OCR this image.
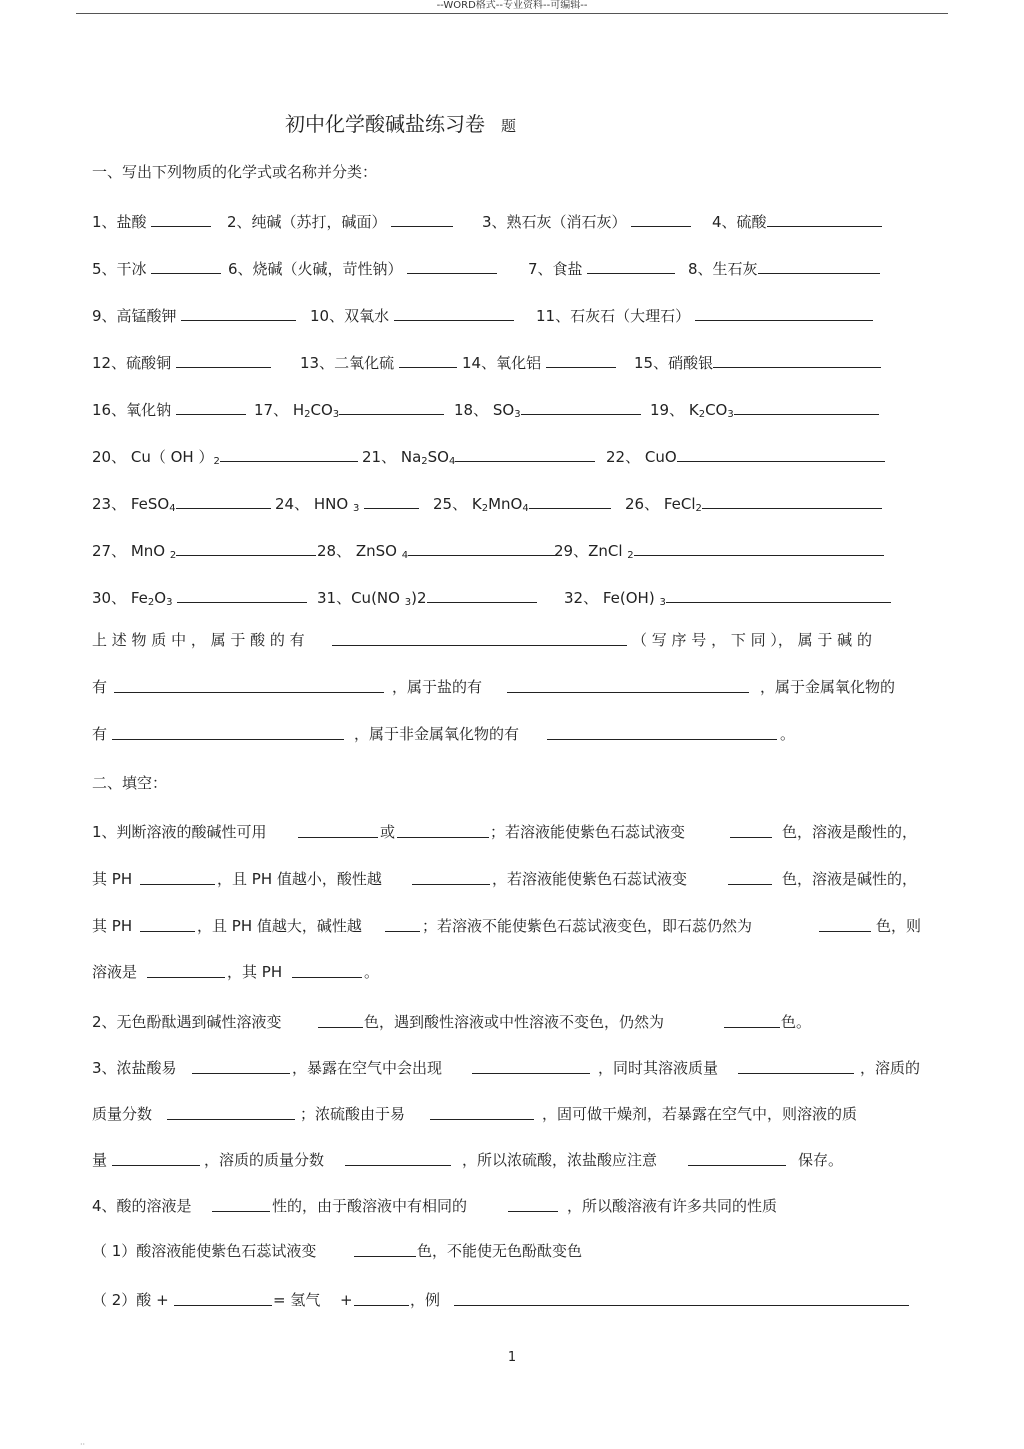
--WORD格式--专业资料--可编辑--
初中化学酸碱盐练习卷 题
一、写出下列物质的化学式或名称并分类：
1、盐酸	2、纯碱（苏打，碱面）	3、熟石灰（消石灰）	4、硫酸
5、干冰	6、烧碱（火碱，苛性钠）	7、食盐	8、生石灰
9、高锰酸钾	10、双氧水	11、石灰石（大理石）
12、硫酸铜	13、二氧化硫	14、氧化铝	15、硝酸银
16、氧化钠	17、 $H_2CO_3$	18、 $SO_3$	19、 $K_2CO_3$
20、 Cu（ OH ）$_2$	21、 $Na_2SO_4$	22、 CuO
23、 FeSO$_4$	24、 HNO $_3$	25、 $K_2MnO_4$	26、 FeCl$_2$
27、 MnO $_2$	28、 ZnSO $_4$	29、ZnCl $_2$
30、 $Fe_2O_3$	31、Cu(NO $_3$)2	32、 Fe(OH) $_3$
上 述 物 质 中 ， 属 于 酸 的 有	（ 写 序 号 ， 下 同 ）， 属 于 碱 的
有	，属于盐的有	，属于金属氧化物的
有	，属于非金属氧化物的有	。
二、填空：
1、判断溶液的酸碱性可用	或	；若溶液能使紫色石蕊试液变	色，溶液是酸性的，
其 PH	，且 PH 值越小，酸性越	，若溶液能使紫色石蕊试液变	色，溶液是碱性的，
其 PH	，且 PH 值越大，碱性越	；若溶液不能使紫色石蕊试液变色，即石蕊仍然为	色，则
溶液是	，其 PH	。
2、无色酚酞遇到碱性溶液变	色，遇到酸性溶液或中性溶液不变色，仍然为	色。
3、浓盐酸易	，暴露在空气中会出现	，同时其溶液质量	，溶质的
质量分数	；浓硫酸由于易	，固可做干燥剂，若暴露在空气中，则溶液的质
量	，溶质的质量分数	，所以浓硫酸，浓盐酸应注意	保存。
4、酸的溶液是	性的，由于酸溶液中有相同的	，所以酸溶液有许多共同的性质
（ 1）酸溶液能使紫色石蕊试液变	色，不能使无色酚酞变色
（ 2）酸 +	= 氢气 +	，例
1
··
